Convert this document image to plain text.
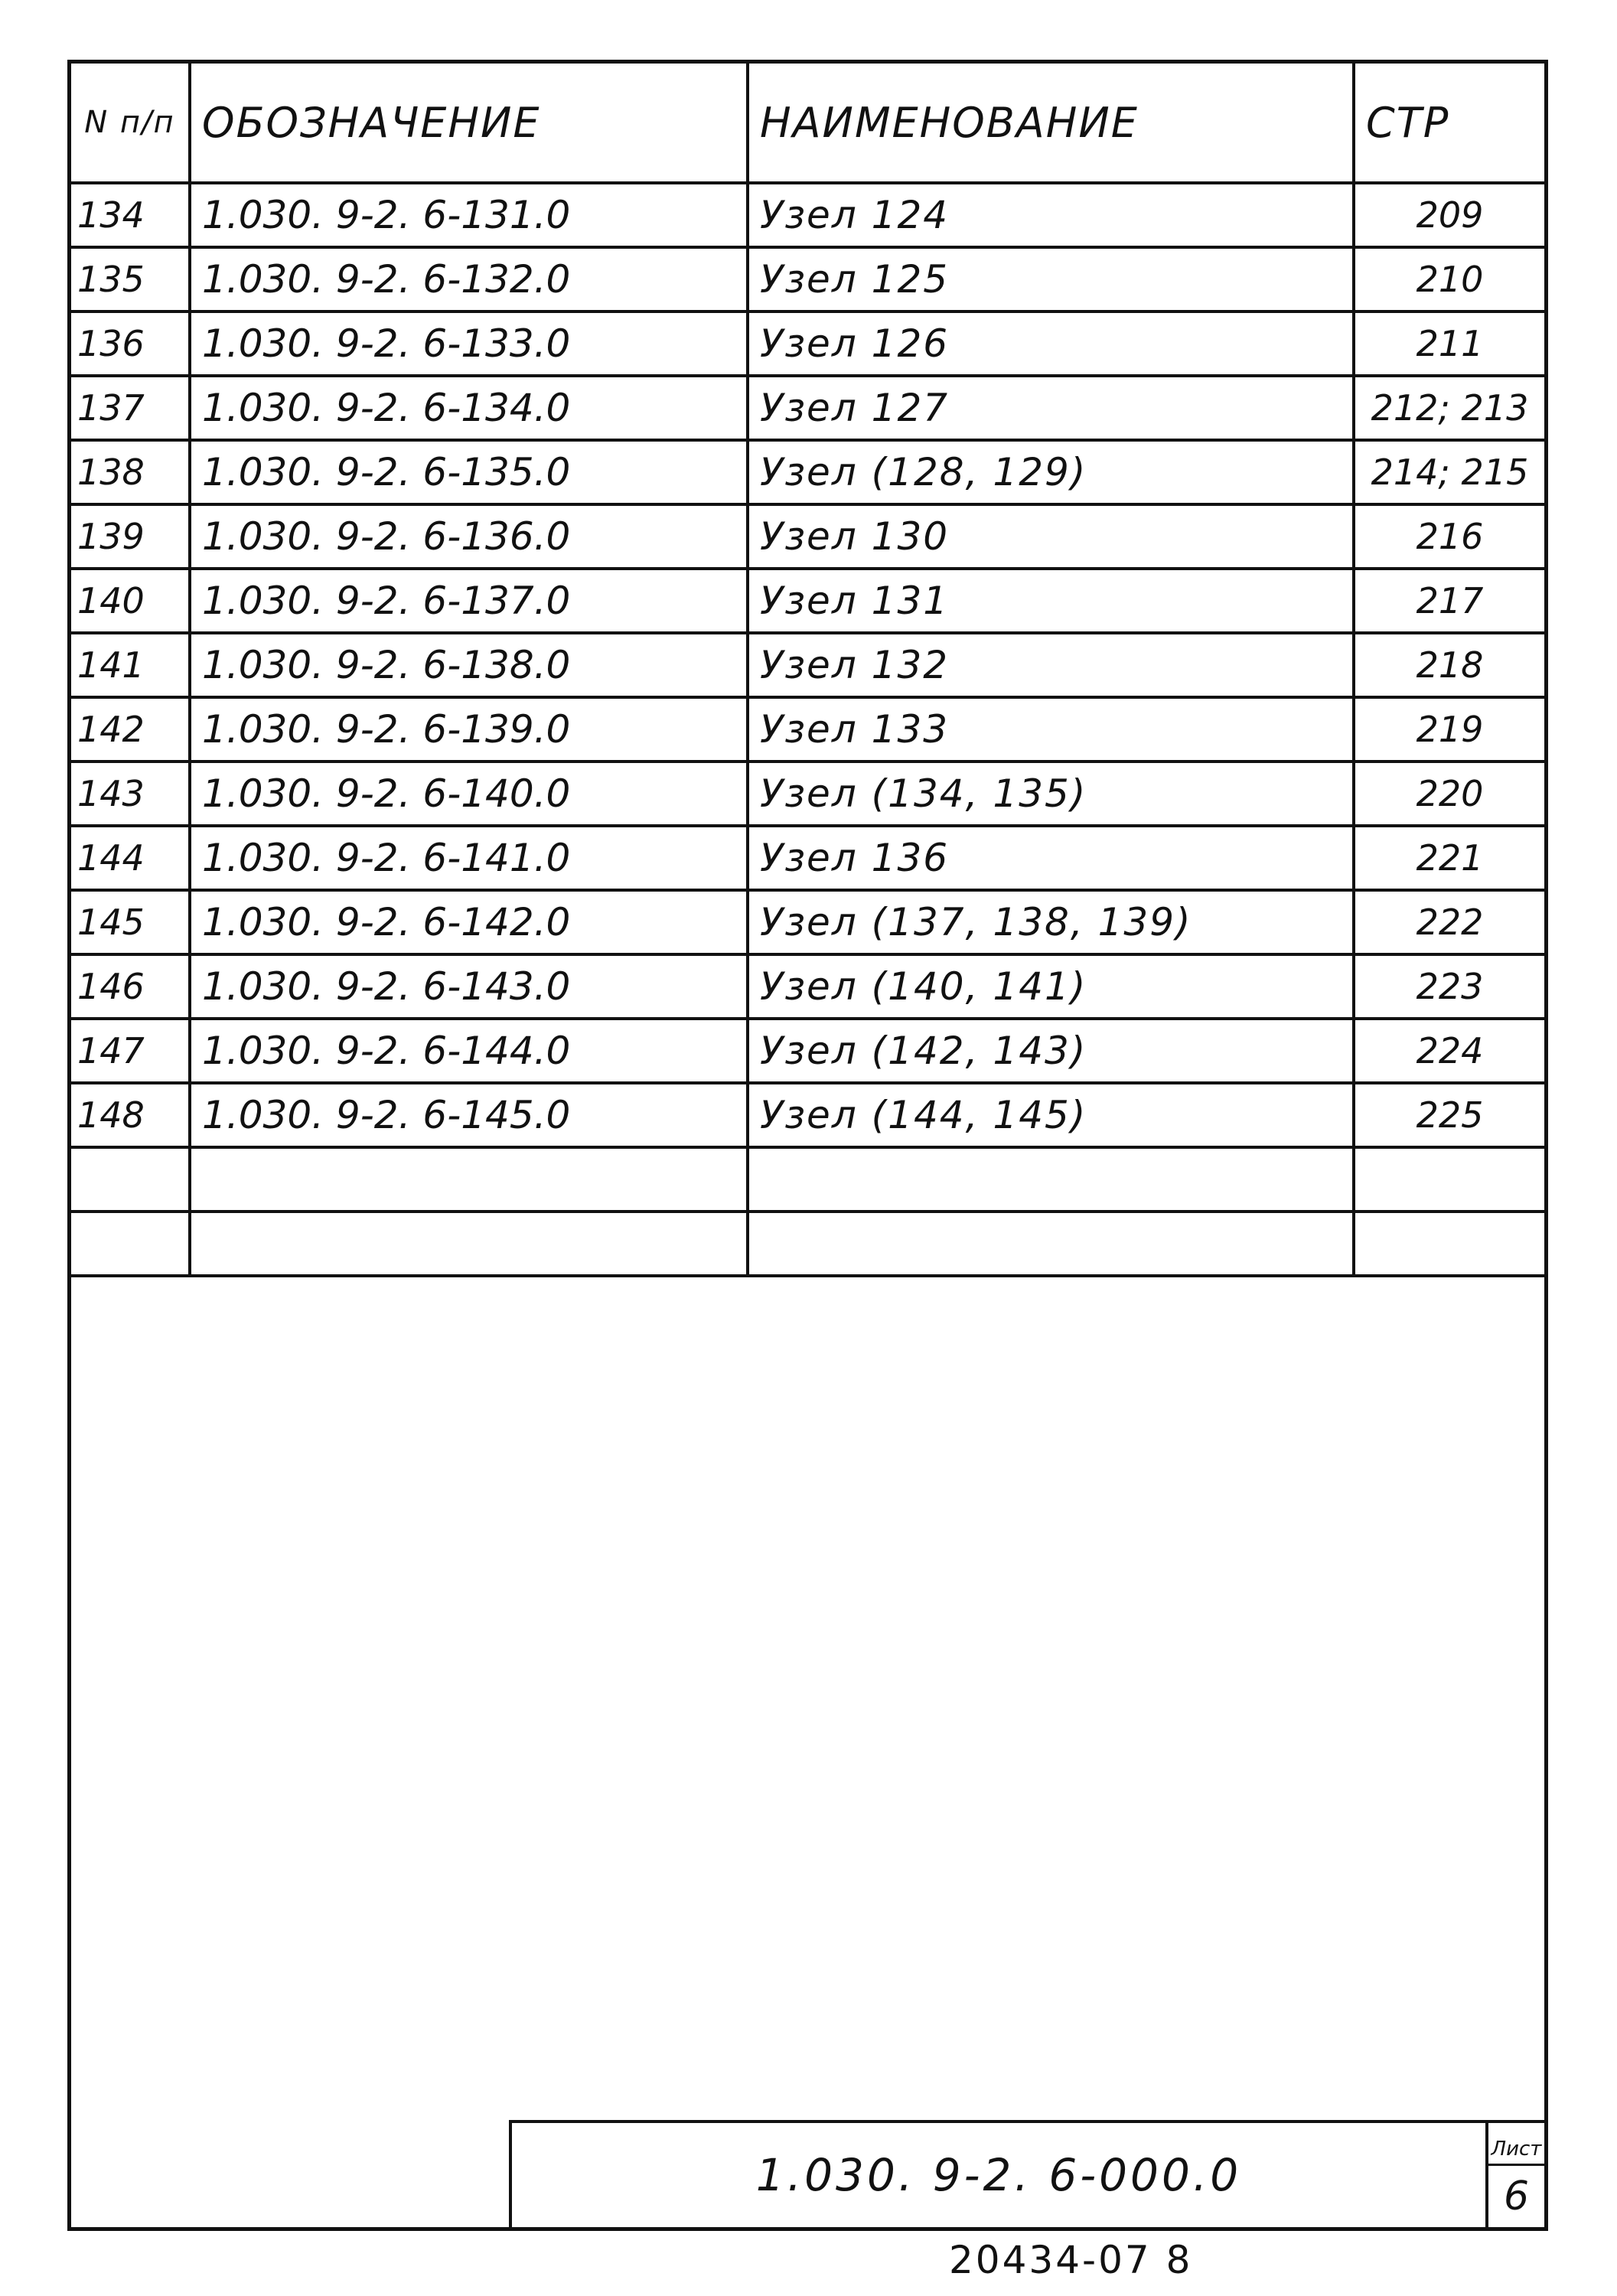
N п/п	ОБОЗНАЧЕНИЕ	НАИМЕНОВАНИЕ	СТР
134	1.030. 9-2. 6-131.0	Узел 124	209
135	1.030. 9-2. 6-132.0	Узел 125	210
136	1.030. 9-2. 6-133.0	Узел 126	211
137	1.030. 9-2. 6-134.0	Узел 127	212; 213
138	1.030. 9-2. 6-135.0	Узел (128, 129)	214; 215
139	1.030. 9-2. 6-136.0	Узел 130	216
140	1.030. 9-2. 6-137.0	Узел 131	217
141	1.030. 9-2. 6-138.0	Узел 132	218
142	1.030. 9-2. 6-139.0	Узел 133	219
143	1.030. 9-2. 6-140.0	Узел (134, 135)	220
144	1.030. 9-2. 6-141.0	Узел 136	221
145	1.030. 9-2. 6-142.0	Узел (137, 138, 139)	222
146	1.030. 9-2. 6-143.0	Узел (140, 141)	223
147	1.030. 9-2. 6-144.0	Узел (142, 143)	224
148	1.030. 9-2. 6-145.0	Узел (144, 145)	225

1.030. 9-2. 6-000.0	Лист
6
20434-07 8
